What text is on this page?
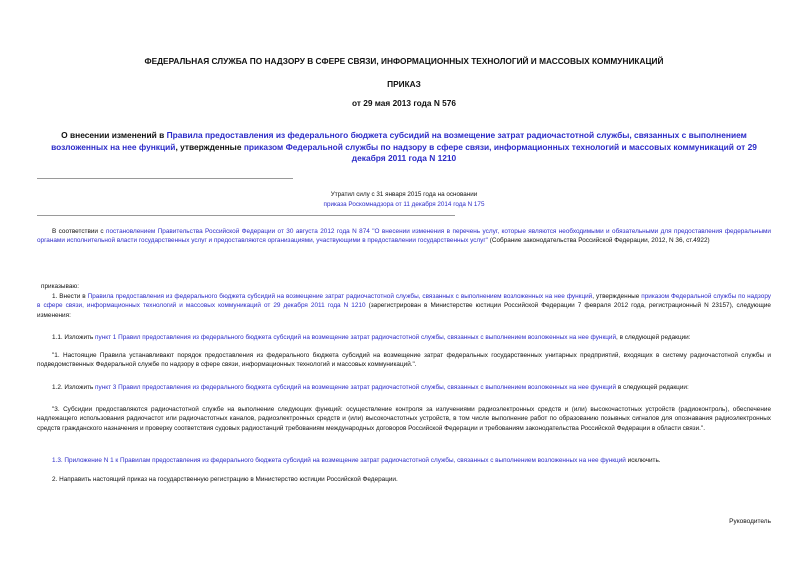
ФЕДЕРАЛЬНАЯ СЛУЖБА ПО НАДЗОРУ В СФЕРЕ СВЯЗИ, ИНФОРМАЦИОННЫХ ТЕХНОЛОГИЙ И МАССОВЫХ КОММУНИКАЦИЙ
ПРИКАЗ
от 29 мая 2013 года N 576
О внесении изменений в Правила предоставления из федерального бюджета субсидий на возмещение затрат радиочастотной службы, связанных с выполнением возложенных на нее функций, утвержденные приказом Федеральной службы по надзору в сфере связи, информационных технологий и массовых коммуникаций от 29 декабря 2011 года N 1210
Утратил силу с 31 января 2015 года на основании
приказа Роскомнадзора от 11 декабря 2014 года N 175

В соответствии с постановлением Правительства Российской Федерации от 30 августа 2012 года N 874 "О внесении изменения в перечень услуг, которые являются необходимыми и обязательными для предоставления федеральными органами исполнительной власти государственных услуг и предоставляются организациями, участвующими в предоставлении государственных услуг" (Собрание законодательства Российской Федерации, 2012, N 36, ст.4922)

приказываю:

1. Внести в Правила предоставления из федерального бюджета субсидий на возмещение затрат радиочастотной службы, связанных с выполнением возложенных на нее функций, утвержденные приказом Федеральной службы по надзору в сфере связи, информационных технологий и массовых коммуникаций от 29 декабря 2011 года N 1210 (зарегистрирован в Министерстве юстиции Российской Федерации 7 февраля 2012 года, регистрационный N 23157), следующие изменения:

1.1. Изложить пункт 1 Правил предоставления из федерального бюджета субсидий на возмещение затрат радиочастотной службы, связанных с выполнением возложенных на нее функций, в следующей редакции:

"1. Настоящие Правила устанавливают порядок предоставления из федерального бюджета субсидий на возмещение затрат федеральных государственных унитарных предприятий, входящих в систему радиочастотной службы и подведомственных Федеральной службе по надзору в сфере связи, информационных технологий и массовых коммуникаций.".

1.2. Изложить пункт 3 Правил предоставления из федерального бюджета субсидий на возмещение затрат радиочастотной службы, связанных с выполнением возложенных на нее функций в следующей редакции:

"3. Субсидии предоставляются радиочастотной службе на выполнение следующих функций: осуществление контроля за излучениями радиоэлектронных средств и (или) высокочастотных устройств (радиоконтроль), обеспечение надлежащего использования радиочастот или радиочастотных каналов, радиоэлектронных средств и (или) высокочастотных устройств, в том числе выполнение работ по образованию позывных сигналов для опознавания радиоэлектронных средств гражданского назначения и проверку соответствия судовых радиостанций требованиям международных договоров Российской Федерации и требованиям законодательства Российской Федерации в области связи.".

1.3. Приложение N 1 к Правилам предоставления из федерального бюджета субсидий на возмещение затрат радиочастотной службы, связанных с выполнением возложенных на нее функций исключить.

2. Направить настоящий приказ на государственную регистрацию в Министерство юстиции Российской Федерации.

Руководитель
